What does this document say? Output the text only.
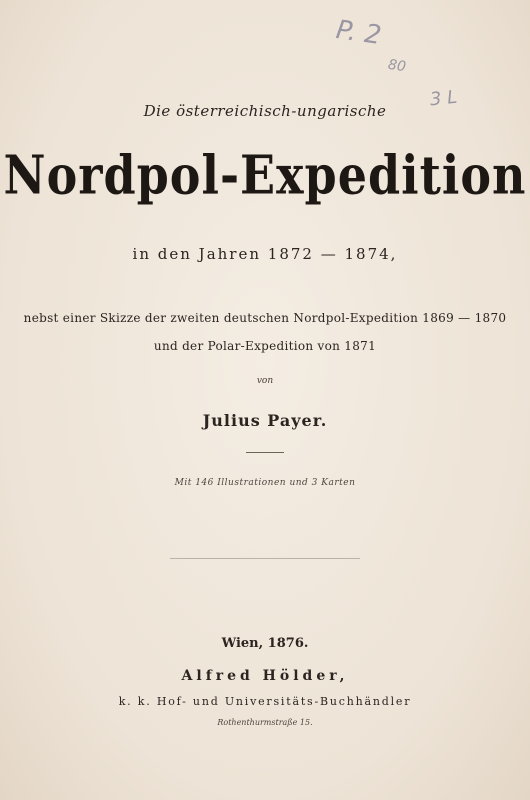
P. 2
80
3 L
Die österreichisch-ungarische
Nordpol-Expedition
in den Jahren 1872 — 1874,
nebst einer Skizze der zweiten deutschen Nordpol-Expedition 1869 — 1870
und der Polar-Expedition von 1871
von
Julius Payer.
Mit 146 Illustrationen und 3 Karten
Wien, 1876.
Alfred Hölder,
k. k. Hof- und Universitäts-Buchhändler
Rothenthurmstraße 15.
